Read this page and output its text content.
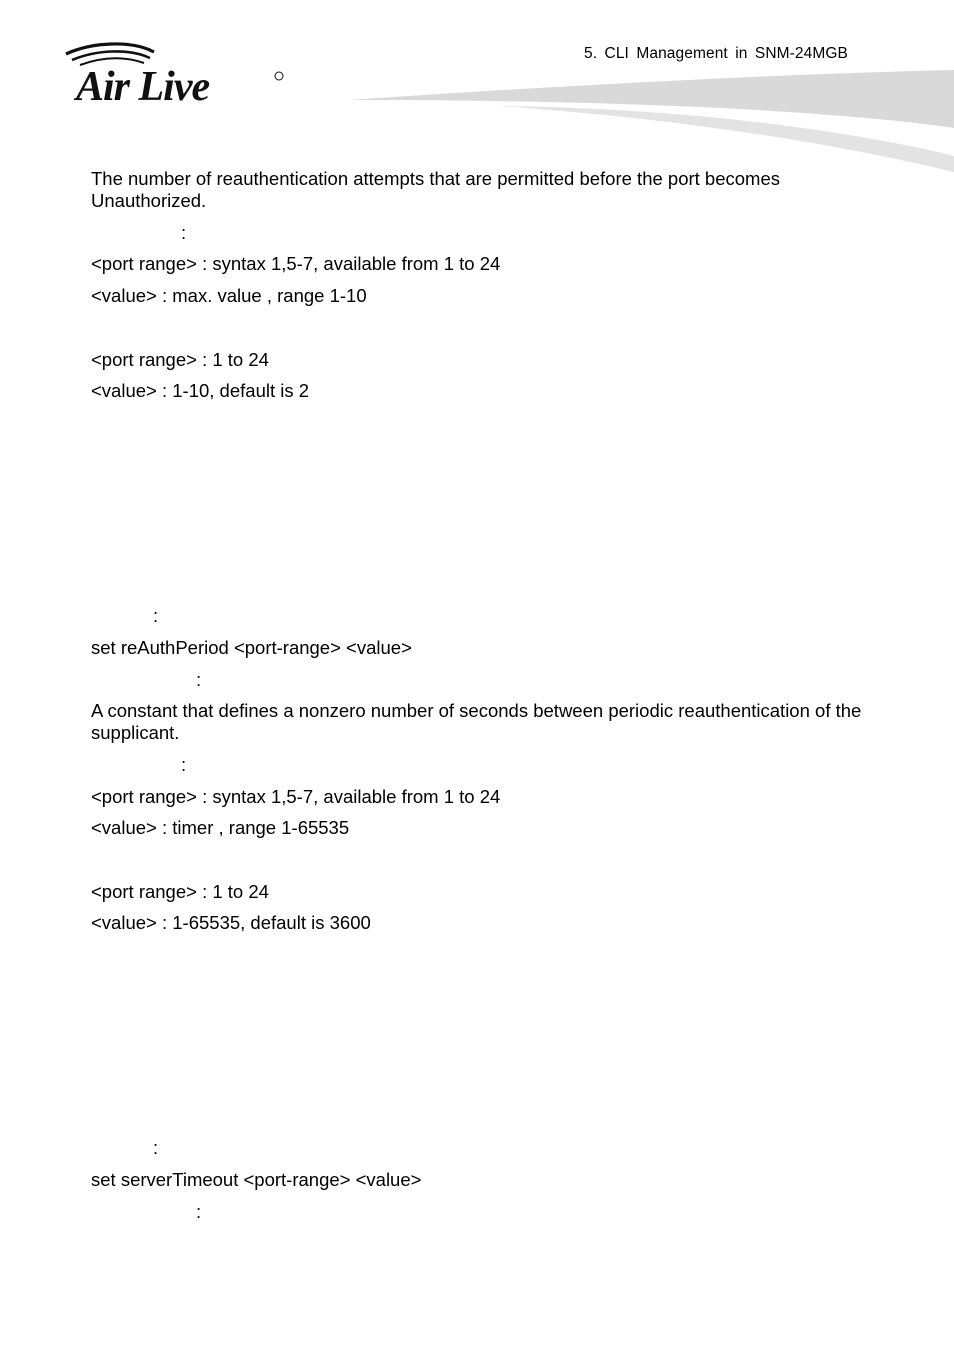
Air Live
5. CLI Management in SNM-24MGB
The number of reauthentication attempts that are permitted before the port becomes Unauthorized.
:
<port range> : syntax 1,5-7, available from 1 to 24
<value> : max. value , range 1-10
<port range> : 1 to 24
<value> : 1-10, default is 2
:
set reAuthPeriod <port-range> <value>
:
A constant that defines a nonzero number of seconds between periodic reauthentication of the supplicant.
:
<port range> : syntax 1,5-7, available from 1 to 24
<value> : timer , range 1-65535
<port range> : 1 to 24
<value> : 1-65535, default is 3600
:
set serverTimeout <port-range> <value>
:
